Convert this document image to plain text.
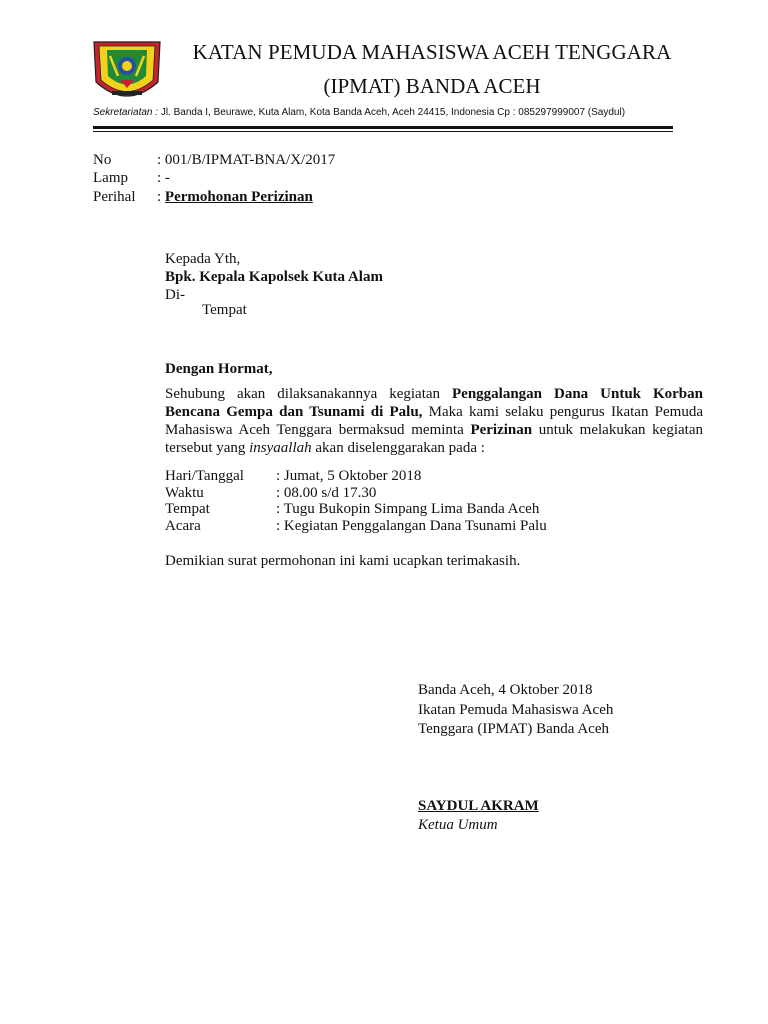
KATAN PEMUDA MAHASISWA ACEH TENGGARA
(IPMAT) BANDA ACEH
Sekretariatan : Jl. Banda I, Beurawe, Kuta Alam, Kota Banda Aceh, Aceh 24415, Indonesia Cp : 085297999007 (Saydul)
No	: 001/B/IPMAT-BNA/X/2017
Lamp : -
Perihal : Permohonan Perizinan
Kepada Yth,
Bpk. Kepala Kapolsek Kuta Alam
Di-
Tempat
Dengan Hormat,
Sehubung akan dilaksanakannya kegiatan Penggalangan Dana Untuk Korban Bencana Gempa dan Tsunami di Palu, Maka kami selaku pengurus Ikatan Pemuda Mahasiswa Aceh Tenggara bermaksud meminta Perizinan untuk melakukan kegiatan tersebut yang insyaallah akan diselenggarakan pada :
Hari/Tanggal : Jumat, 5 Oktober 2018
Waktu	: 08.00 s/d 17.30
Tempat	: Tugu Bukopin Simpang Lima Banda Aceh
Acara	: Kegiatan Penggalangan Dana Tsunami Palu
Demikian surat permohonan ini kami ucapkan terimakasih.
Banda Aceh, 4 Oktober 2018
Ikatan Pemuda Mahasiswa Aceh
Tenggara (IPMAT) Banda Aceh
SAYDUL AKRAM
Ketua Umum
